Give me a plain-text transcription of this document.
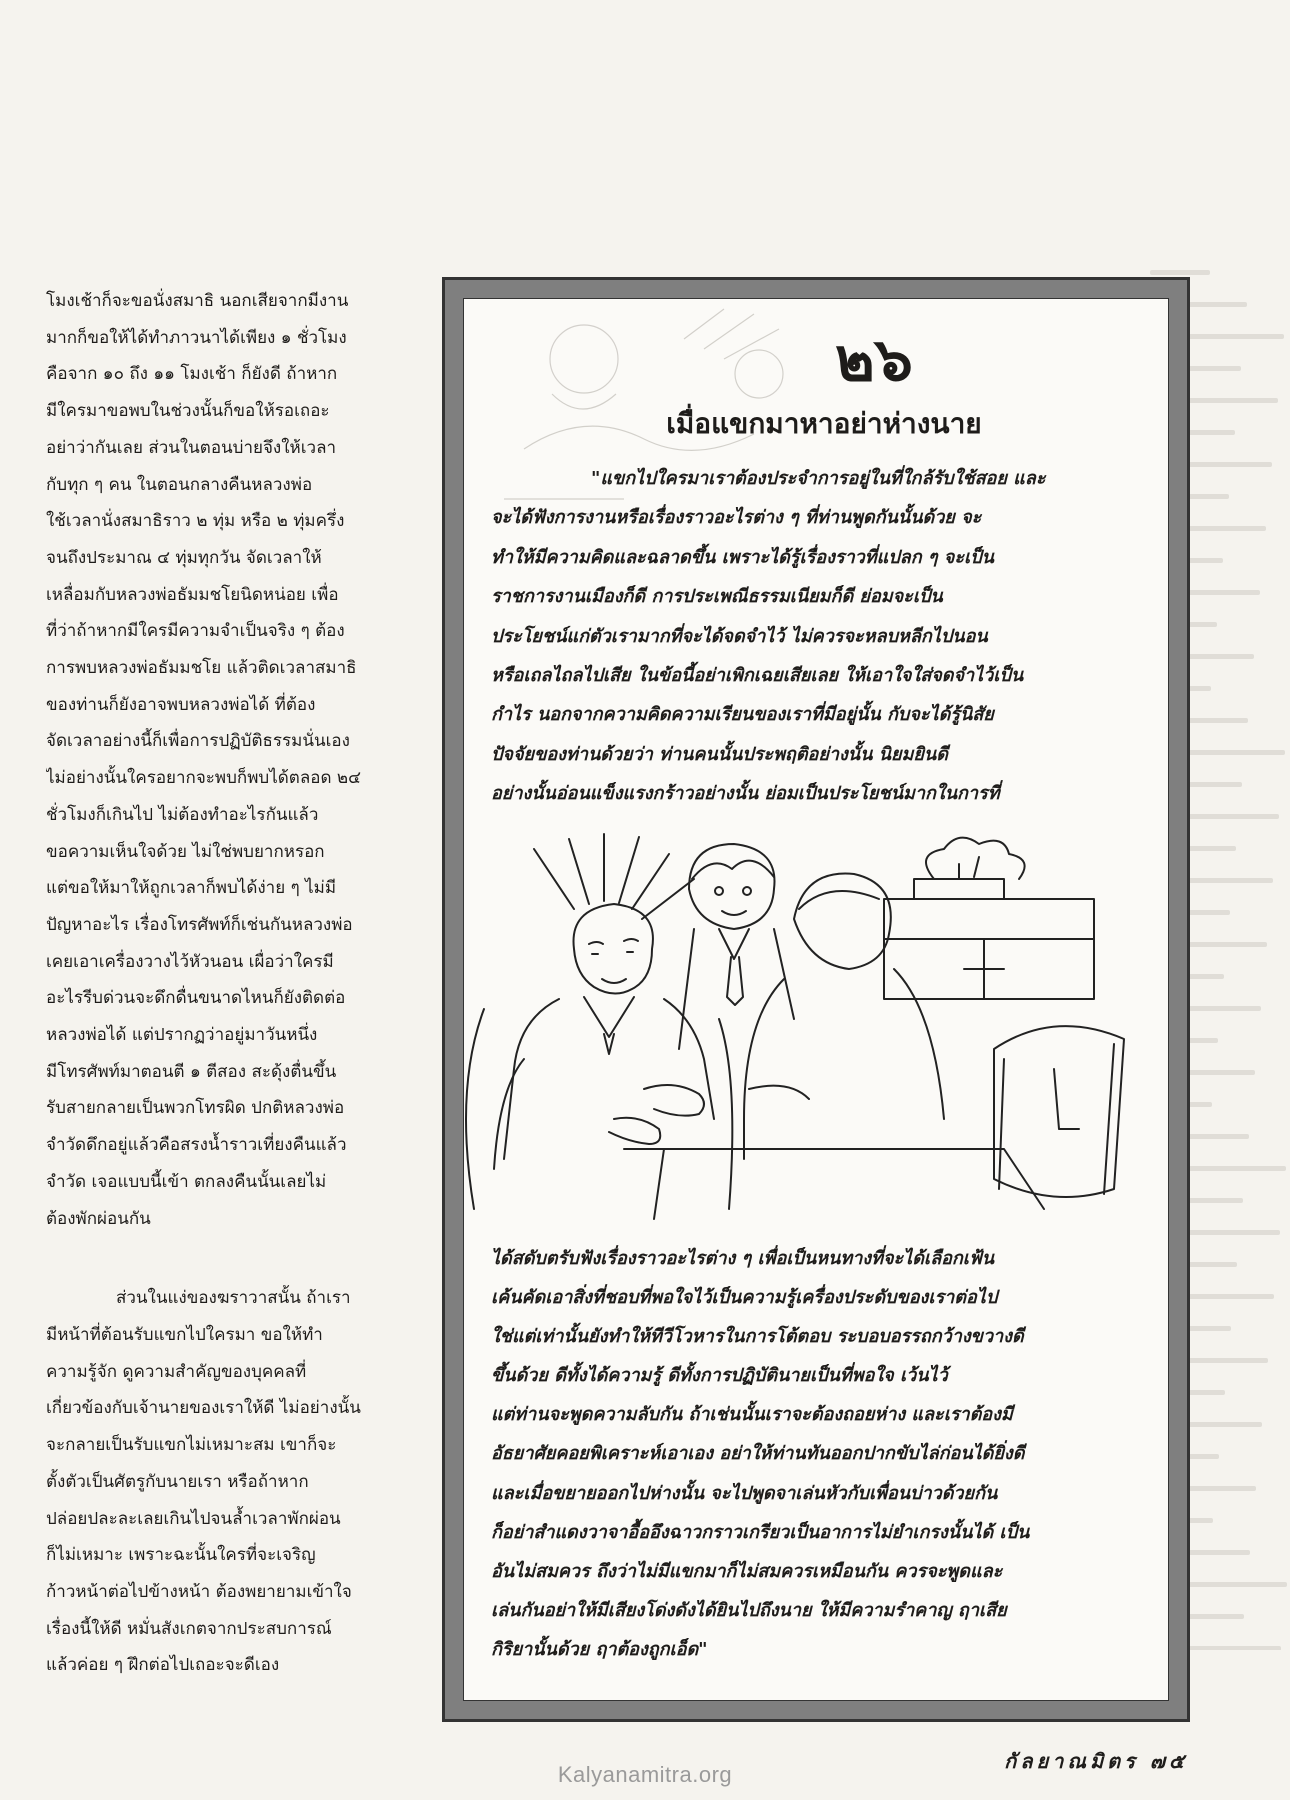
โมงเช้าก็จะขอนั่งสมาธิ นอกเสียจากมีงาน

มากก็ขอให้ได้ทำภาวนาได้เพียง ๑ ชั่วโมง

คือจาก ๑๐ ถึง ๑๑ โมงเช้า ก็ยังดี ถ้าหาก

มีใครมาขอพบในช่วงนั้นก็ขอให้รอเถอะ

อย่าว่ากันเลย ส่วนในตอนบ่ายจึงให้เวลา

กับทุก ๆ คน ในตอนกลางคืนหลวงพ่อ

ใช้เวลานั่งสมาธิราว ๒ ทุ่ม หรือ ๒ ทุ่มครึ่ง

จนถึงประมาณ ๔ ทุ่มทุกวัน จัดเวลาให้

เหลื่อมกับหลวงพ่อธัมมชโยนิดหน่อย เพื่อ

ที่ว่าถ้าหากมีใครมีความจำเป็นจริง ๆ ต้อง

การพบหลวงพ่อธัมมชโย แล้วติดเวลาสมาธิ

ของท่านก็ยังอาจพบหลวงพ่อได้ ที่ต้อง

จัดเวลาอย่างนี้ก็เพื่อการปฏิบัติธรรมนั่นเอง

ไม่อย่างนั้นใครอยากจะพบก็พบได้ตลอด ๒๔

ชั่วโมงก็เกินไป ไม่ต้องทำอะไรกันแล้ว

ขอความเห็นใจด้วย ไม่ใช่พบยากหรอก

แต่ขอให้มาให้ถูกเวลาก็พบได้ง่าย ๆ ไม่มี

ปัญหาอะไร เรื่องโทรศัพท์ก็เช่นกันหลวงพ่อ

เคยเอาเครื่องวางไว้หัวนอน เผื่อว่าใครมี

อะไรรีบด่วนจะดึกดื่นขนาดไหนก็ยังติดต่อ

หลวงพ่อได้ แต่ปรากฏว่าอยู่มาวันหนึ่ง

มีโทรศัพท์มาตอนตี ๑ ตีสอง สะดุ้งตื่นขึ้น

รับสายกลายเป็นพวกโทรผิด ปกติหลวงพ่อ

จำวัดดึกอยู่แล้วคือสรงน้ำราวเที่ยงคืนแล้ว

จำวัด เจอแบบนี้เข้า ตกลงคืนนั้นเลยไม่

ต้องพักผ่อนกัน

ส่วนในแง่ของฆราวาสนั้น ถ้าเรา

มีหน้าที่ต้อนรับแขกไปใครมา ขอให้ทำ

ความรู้จัก ดูความสำคัญของบุคคลที่

เกี่ยวข้องกับเจ้านายของเราให้ดี ไม่อย่างนั้น

จะกลายเป็นรับแขกไม่เหมาะสม เขาก็จะ

ตั้งตัวเป็นศัตรูกับนายเรา หรือถ้าหาก

ปล่อยปละละเลยเกินไปจนล้ำเวลาพักผ่อน

ก็ไม่เหมาะ เพราะฉะนั้นใครที่จะเจริญ

ก้าวหน้าต่อไปข้างหน้า ต้องพยายามเข้าใจ

เรื่องนี้ให้ดี หมั่นสังเกตจากประสบการณ์

แล้วค่อย ๆ ฝึกต่อไปเถอะจะดีเอง

๒๖
เมื่อแขกมาหาอย่าห่างนาย

"แขกไปใครมาเราต้องประจำการอยู่ในที่ใกล้รับใช้สอย และ

จะได้ฟังการงานหรือเรื่องราวอะไรต่าง ๆ ที่ท่านพูดกันนั้นด้วย จะ

ทำให้มีความคิดและฉลาดขึ้น เพราะได้รู้เรื่องราวที่แปลก ๆ จะเป็น

ราชการงานเมืองก็ดี การประเพณีธรรมเนียมก็ดี ย่อมจะเป็น

ประโยชน์แก่ตัวเรามากที่จะได้จดจำไว้ ไม่ควรจะหลบหลีกไปนอน

หรือเถลไถลไปเสีย ในข้อนี้อย่าเพิกเฉยเสียเลย ให้เอาใจใส่จดจำไว้เป็น

กำไร นอกจากความคิดความเรียนของเราที่มีอยู่นั้น กับจะได้รู้นิสัย

ปัจจัยของท่านด้วยว่า ท่านคนนั้นประพฤติอย่างนั้น นิยมยินดี

อย่างนั้นอ่อนแข็งแรงกร้าวอย่างนั้น ย่อมเป็นประโยชน์มากในการที่

ได้สดับตรับฟังเรื่องราวอะไรต่าง ๆ เพื่อเป็นหนทางที่จะได้เลือกเฟ้น

เค้นคัดเอาสิ่งที่ชอบที่พอใจไว้เป็นความรู้เครื่องประดับของเราต่อไป

ใช่แต่เท่านั้นยังทำให้ทีวีโวหารในการโต้ตอบ ระบอบอรรถกว้างขวางดี

ขึ้นด้วย ดีทั้งได้ความรู้ ดีทั้งการปฏิบัตินายเป็นที่พอใจ เว้นไว้

แต่ท่านจะพูดความลับกัน ถ้าเช่นนั้นเราจะต้องถอยห่าง และเราต้องมี

อัธยาศัยคอยพิเคราะห์เอาเอง อย่าให้ท่านทันออกปากขับไล่ก่อนได้ยิ่งดี

และเมื่อขยายออกไปห่างนั้น จะไปพูดจาเล่นหัวกับเพื่อนบ่าวด้วยกัน

ก็อย่าสำแดงวาจาอื้ออึงฉาวกราวเกรียวเป็นอาการไม่ยำเกรงนั้นได้ เป็น

อันไม่สมควร ถึงว่าไม่มีแขกมาก็ไม่สมควรเหมือนกัน ควรจะพูดและ

เล่นกันอย่าให้มีเสียงโด่งดังได้ยินไปถึงนาย ให้มีความรำคาญ ฤาเสีย

กิริยานั้นด้วย ฤาต้องถูกเอ็ด"

กัลยาณมิตร ๗๕
Kalyanamitra.org
